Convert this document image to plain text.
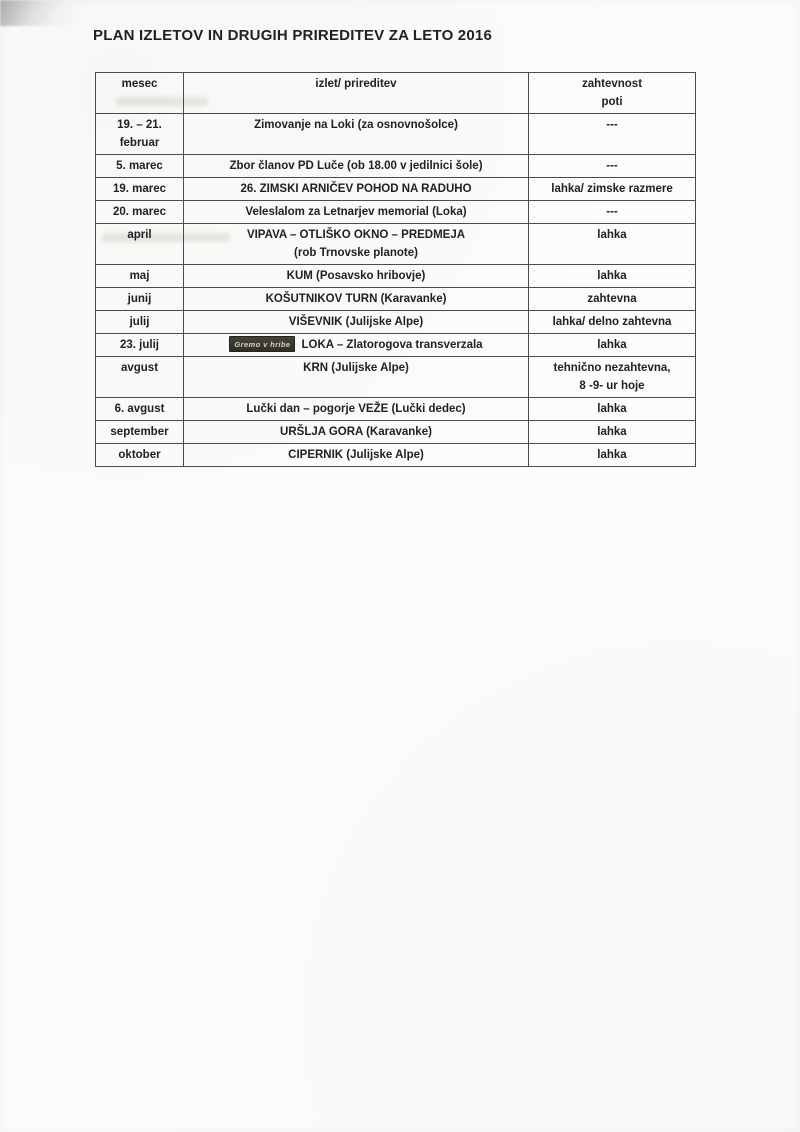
PLAN IZLETOV IN DRUGIH PRIREDITEV ZA LETO 2016
mesec	izlet/ prireditev	zahtevnost
poti

19. – 21.
februar	Zimovanje na Loki (za osnovnošolce)	---

5. marec	Zbor članov PD Luče (ob 18.00 v jedilnici šole)	---

19. marec	26. ZIMSKI ARNIČEV POHOD NA RADUHO	lahka/ zimske razmere

20. marec	Veleslalom za Letnarjev memorial (Loka)	---

april	VIPAVA – OTLIŠKO OKNO – PREDMEJA
(rob Trnovske planote)	lahka

maj	KUM (Posavsko hribovje)	lahka

junij	KOŠUTNIKOV TURN (Karavanke)	zahtevna

julij	VIŠEVNIK (Julijske Alpe)	lahka/ delno zahtevna

23. julij	Gremo v hribe LOKA – Zlatorogova transverzala	lahka

avgust	KRN (Julijske Alpe)	tehnično nezahtevna,
8 -9- ur hoje

6. avgust	Lučki dan – pogorje VEŽE (Lučki dedec)	lahka

september	URŠLJA GORA (Karavanke)	lahka

oktober	CIPERNIK (Julijske Alpe)	lahka
